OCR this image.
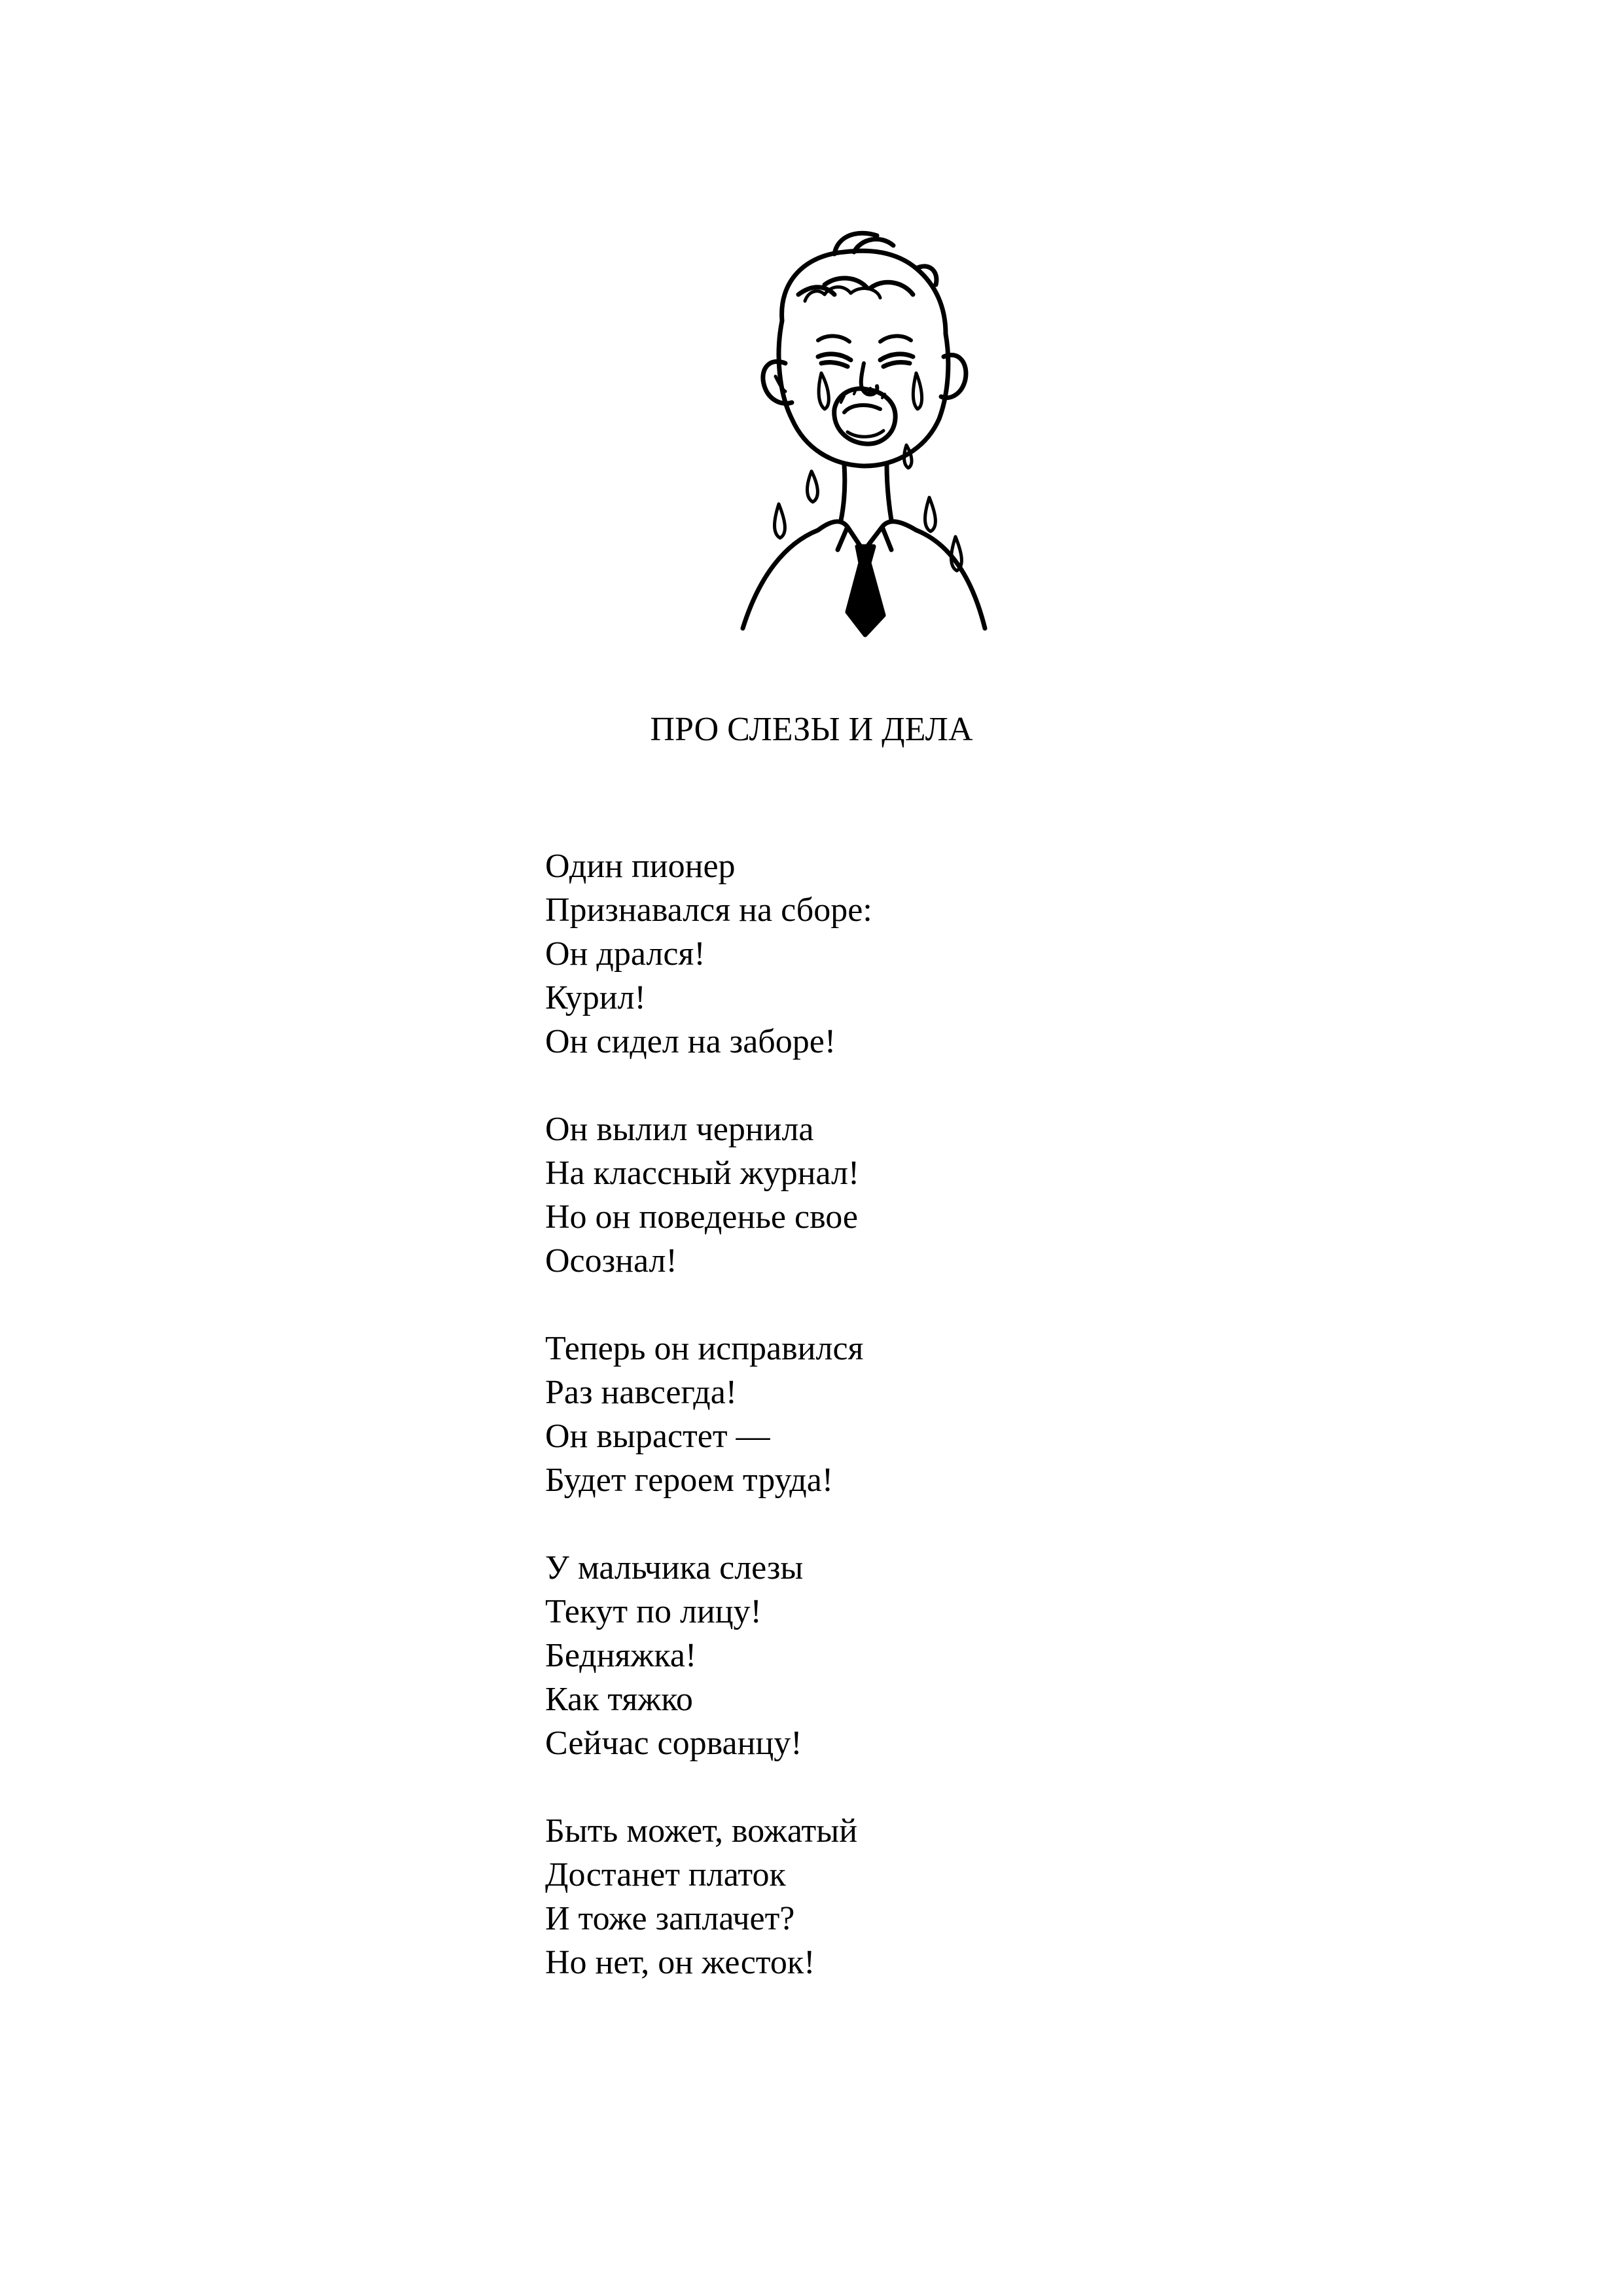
ПРО СЛЕЗЫ И ДЕЛА
Один пионер
Признавался на сборе:
Он дрался!
Курил!
Он сидел на заборе!
Он вылил чернила
На классный журнал!
Но он поведенье свое
Осознал!
Теперь он исправился
Раз навсегда!
Он вырастет —
Будет героем труда!
У мальчика слезы
Текут по лицу!
Бедняжка!
Как тяжко
Сейчас сорванцу!
Быть может, вожатый
Достанет платок
И тоже заплачет?
Но нет, он жесток!
